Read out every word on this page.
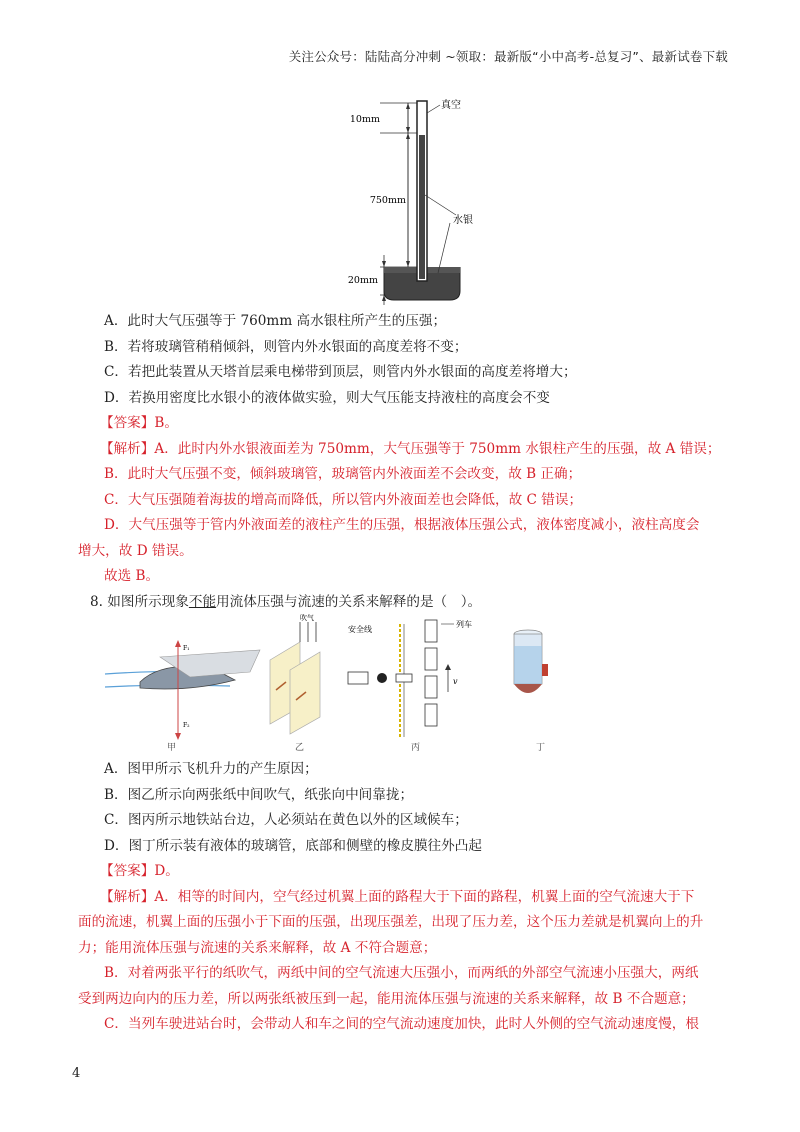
关注公众号：陆陆高分冲刺 ~领取：最新版“小中高考-总复习”、最新试卷下载
真空
水银
10mm
750mm
20mm
A．此时大气压强等于 760mm 高水银柱所产生的压强；
B．若将玻璃管稍稍倾斜，则管内外水银面的高度差将不变；
C．若把此装置从天塔首层乘电梯带到顶层，则管内外水银面的高度差将增大；
D．若换用密度比水银小的液体做实验，则大气压能支持液柱的高度会不变
【答案】B。
【解析】A．此时内外水银液面差为 750mm，大气压强等于 750mm 水银柱产生的压强，故 A 错误；
B．此时大气压强不变，倾斜玻璃管，玻璃管内外液面差不会改变，故 B 正确；
C．大气压强随着海拔的增高而降低，所以管内外液面差也会降低，故 C 错误；
D．大气压强等于管内外液面差的液柱产生的压强，根据液体压强公式，液体密度减小，液柱高度会
增大，故 D 错误。
故选 B。
8. 如图所示现象不能用流体压强与流速的关系来解释的是（　）。
F₁
F₂
吹气
安全线
列车
v
甲	乙	丙	丁
A．图甲所示飞机升力的产生原因；
B．图乙所示向两张纸中间吹气，纸张向中间靠拢；
C．图丙所示地铁站台边，人必须站在黄色以外的区域候车；
D．图丁所示装有液体的玻璃管，底部和侧壁的橡皮膜往外凸起
【答案】D。
【解析】A．相等的时间内，空气经过机翼上面的路程大于下面的路程，机翼上面的空气流速大于下
面的流速，机翼上面的压强小于下面的压强，出现压强差，出现了压力差，这个压力差就是机翼向上的升
力；能用流体压强与流速的关系来解释，故 A 不符合题意；
B．对着两张平行的纸吹气，两纸中间的空气流速大压强小，而两纸的外部空气流速小压强大，两纸
受到两边向内的压力差，所以两张纸被压到一起，能用流体压强与流速的关系来解释，故 B 不合题意；
C．当列车驶进站台时，会带动人和车之间的空气流动速度加快，此时人外侧的空气流动速度慢，根
4
